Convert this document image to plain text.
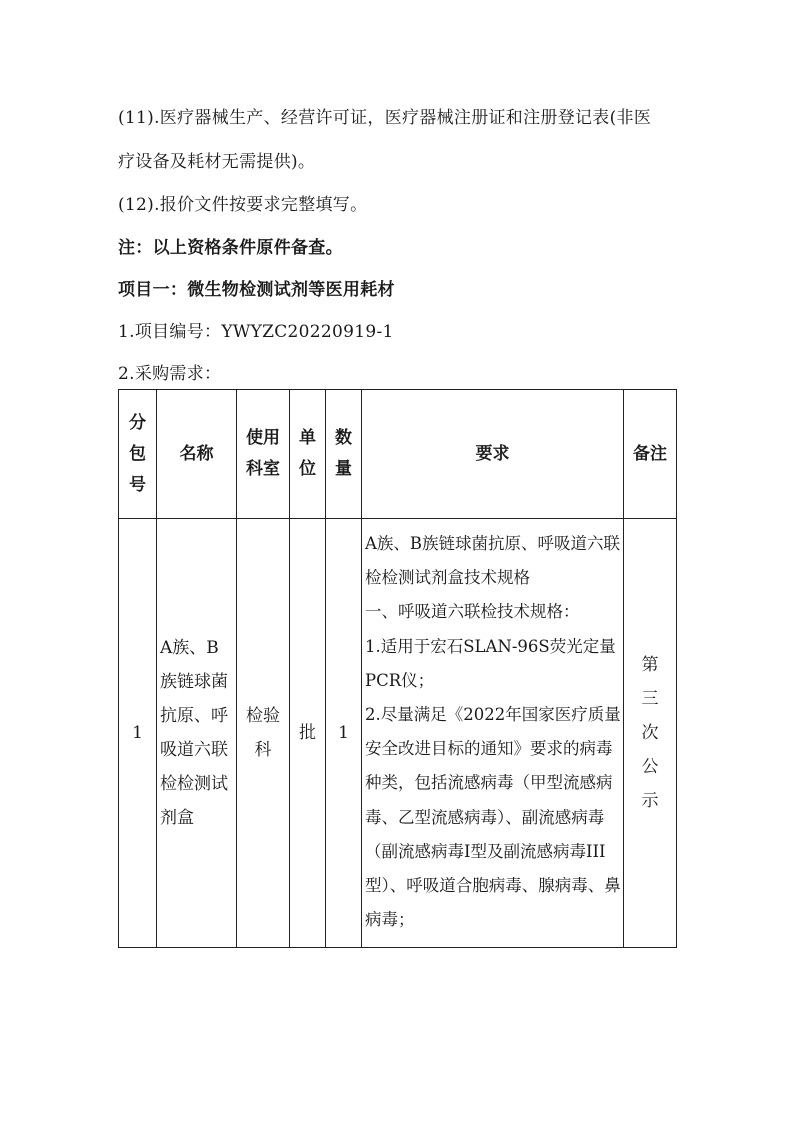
(11).医疗器械生产、经营许可证，医疗器械注册证和注册登记表(非医
疗设备及耗材无需提供)。
(12).报价文件按要求完整填写。
注：以上资格条件原件备查。
项目一：微生物检测试剂等医用耗材
1.项目编号：YWYZC20220919-1
2.采购需求：
分包号	名称	使用科室	单位	数量	要求	备注
1	A族、B族链球菌抗原、呼吸道六联检检测试剂盒	检验科	批	1	A族、B族链球菌抗原、呼吸道六联检检测试剂盒技术规格
一、呼吸道六联检技术规格：
1.适用于宏石SLAN-96S荧光定量PCR仪；
2.尽量满足《2022年国家医疗质量安全改进目标的通知》要求的病毒种类，包括流感病毒（甲型流感病毒、乙型流感病毒）、副流感病毒（副流感病毒I型及副流感病毒III型）、呼吸道合胞病毒、腺病毒、鼻病毒；	第三次公示
